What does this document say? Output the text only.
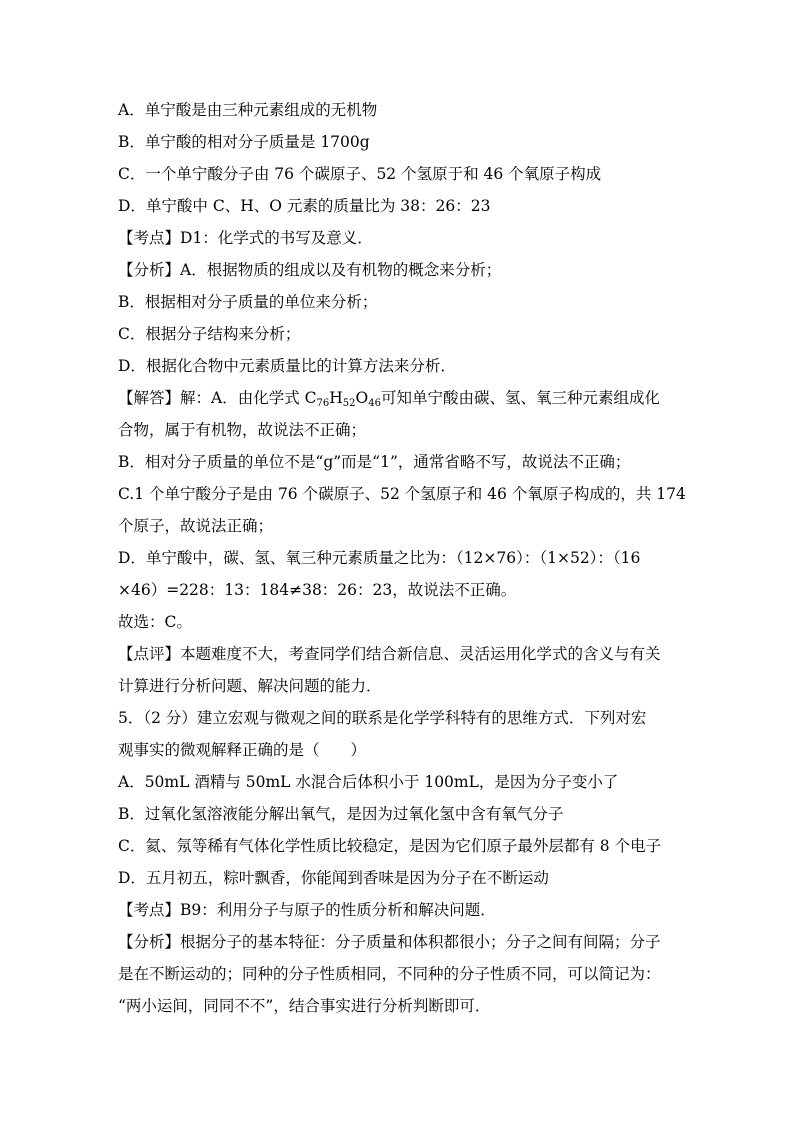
A．单宁酸是由三种元素组成的无机物
B．单宁酸的相对分子质量是 1700g
C．一个单宁酸分子由 76 个碳原子、52 个氢原于和 46 个氧原子构成
D．单宁酸中 C、H、O 元素的质量比为 38：26：23
【考点】D1：化学式的书写及意义．
【分析】A．根据物质的组成以及有机物的概念来分析；
B．根据相对分子质量的单位来分析；
C．根据分子结构来分析；
D．根据化合物中元素质量比的计算方法来分析．
【解答】解：A．由化学式 $C_{76}H_{52}O_{46}$可知单宁酸由碳、氢、氧三种元素组成化
合物，属于有机物，故说法不正确；
B．相对分子质量的单位不是“g”而是“1”，通常省略不写，故说法不正确；
C.1 个单宁酸分子是由 76 个碳原子、52 个氢原子和 46 个氧原子构成的，共 174
个原子，故说法正确；
D．单宁酸中，碳、氢、氧三种元素质量之比为：（12×76）：（1×52）：（16
×46）=228：13：184≠38：26：23，故说法不正确。
故选：C。
【点评】本题难度不大，考查同学们结合新信息、灵活运用化学式的含义与有关
计算进行分析问题、解决问题的能力．
5．（2 分）建立宏观与微观之间的联系是化学学科特有的思维方式．下列对宏
观事实的微观解释正确的是（　　）
A．50mL 酒精与 50mL 水混合后体积小于 100mL，是因为分子变小了
B．过氧化氢溶液能分解出氧气，是因为过氧化氢中含有氧气分子
C．氦、氖等稀有气体化学性质比较稳定，是因为它们原子最外层都有 8 个电子
D．五月初五，粽叶飘香，你能闻到香味是因为分子在不断运动
【考点】B9：利用分子与原子的性质分析和解决问题．
【分析】根据分子的基本特征：分子质量和体积都很小；分子之间有间隔；分子
是在不断运动的；同种的分子性质相同，不同种的分子性质不同，可以简记为：
“两小运间，同同不不”，结合事实进行分析判断即可．
